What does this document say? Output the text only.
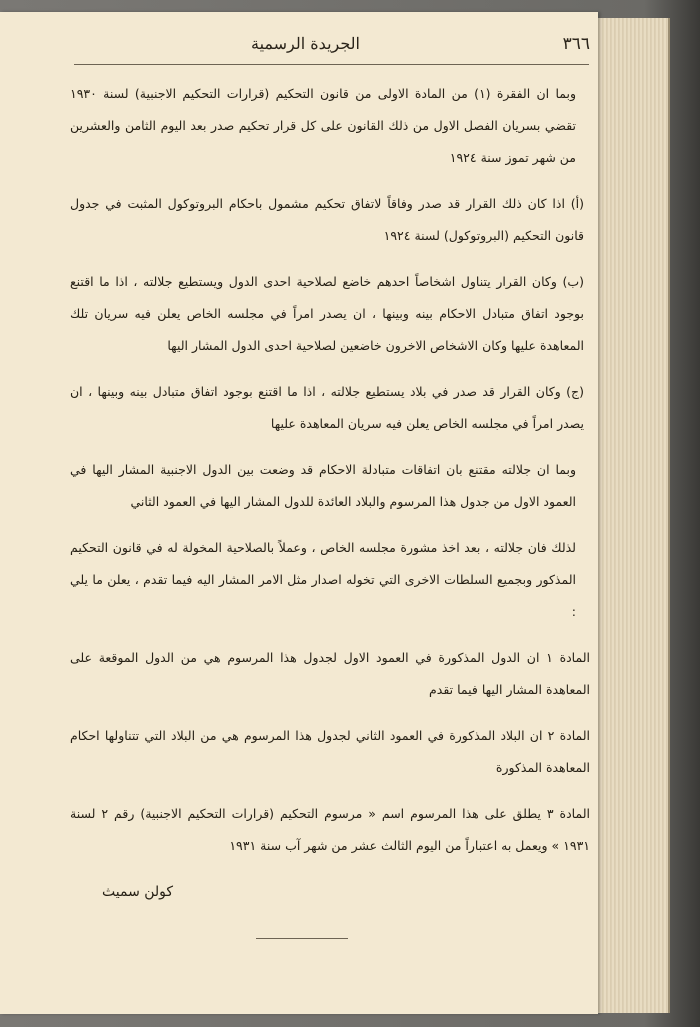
٣٦٦
الجريدة الرسمية

وبما ان الفقرة (١) من المادة الاولى من قانون التحكيم (قرارات التحكيم الاجنبية) لسنة ١٩٣٠ تقضي بسريان الفصل الاول من ذلك القانون على كل قرار تحكيم صدر بعد اليوم الثامن والعشرين من شهر تموز سنة ١٩٢٤

(أ) اذا كان ذلك القرار قد صدر وفاقاً لاتفاق تحكيم مشمول باحكام البروتوكول المثبت في جدول قانون التحكيم (البروتوكول) لسنة ١٩٢٤

(ب) وكان القرار يتناول اشخاصاً احدهم خاضع لصلاحية احدى الدول ويستطيع جلالته ، اذا ما اقتنع بوجود اتفاق متبادل الاحكام بينه وبينها ، ان يصدر امراً في مجلسه الخاص يعلن فيه سريان تلك المعاهدة عليها وكان الاشخاص الاخرون خاضعين لصلاحية احدى الدول المشار اليها

(ج) وكان القرار قد صدر في بلاد يستطيع جلالته ، اذا ما اقتنع بوجود اتفاق متبادل بينه وبينها ، ان يصدر امراً في مجلسه الخاص يعلن فيه سريان المعاهدة عليها

وبما ان جلالته مقتنع بان اتفاقات متبادلة الاحكام قد وضعت بين الدول الاجنبية المشار اليها في العمود الاول من جدول هذا المرسوم والبلاد العائدة للدول المشار اليها في العمود الثاني

لذلك فان جلالته ، بعد اخذ مشورة مجلسه الخاص ، وعملاً بالصلاحية المخولة له في قانون التحكيم المذكور وبجميع السلطات الاخرى التي تخوله اصدار مثل الامر المشار اليه فيما تقدم ، يعلن ما يلي :

المادة ١ ان الدول المذكورة في العمود الاول لجدول هذا المرسوم هي من الدول الموقعة على المعاهدة المشار اليها فيما تقدم

المادة ٢ ان البلاد المذكورة في العمود الثاني لجدول هذا المرسوم هي من البلاد التي تتناولها احكام المعاهدة المذكورة

المادة ٣ يطلق على هذا المرسوم اسم « مرسوم التحكيم (قرارات التحكيم الاجنبية) رقم ٢ لسنة ١٩٣١ » ويعمل به اعتباراً من اليوم الثالث عشر من شهر آب سنة ١٩٣١

كولن سميث
